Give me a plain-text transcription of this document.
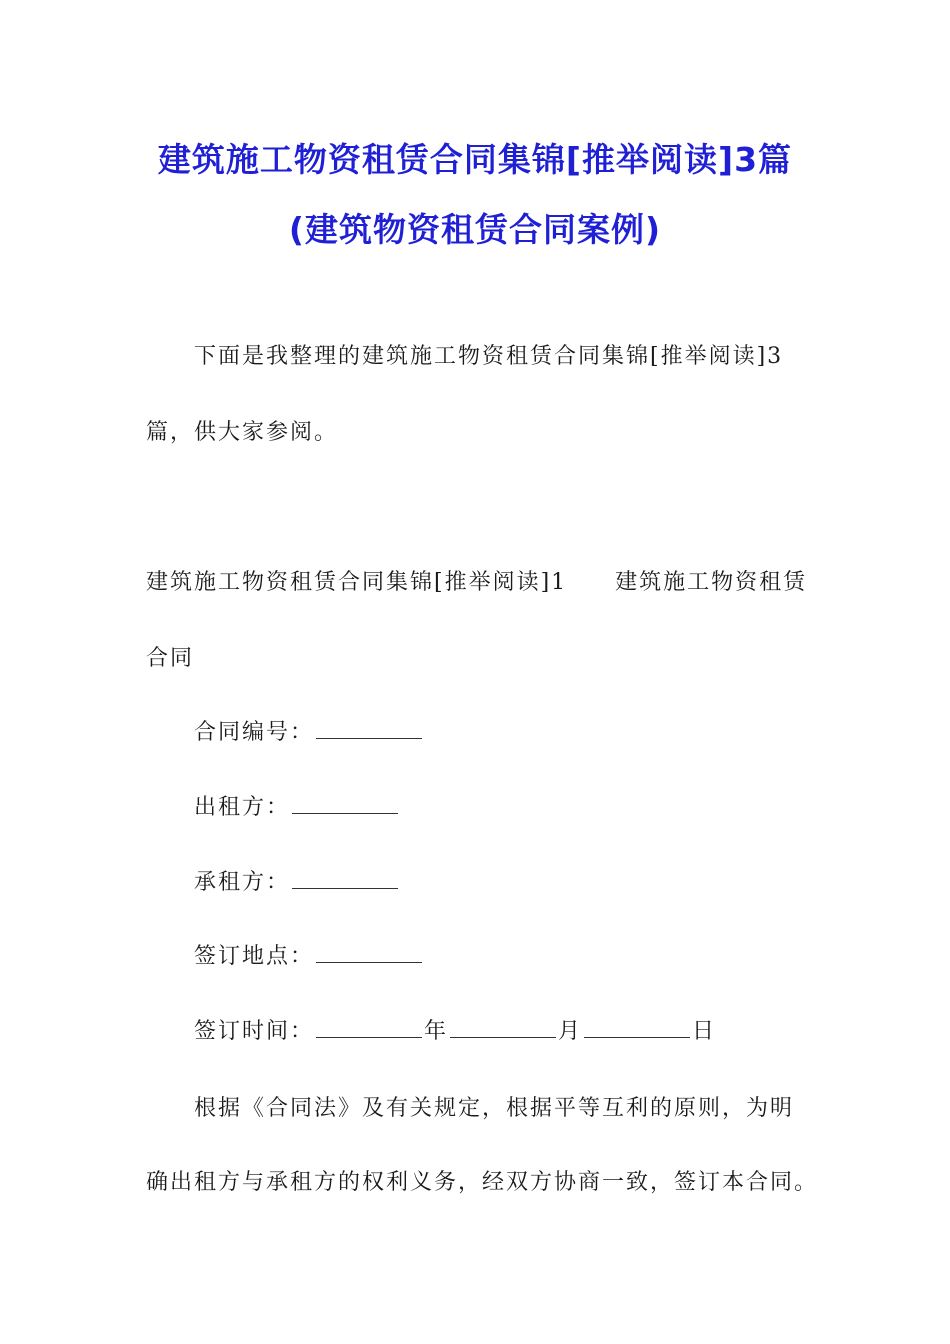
建筑施工物资租赁合同集锦[推举阅读]3篇
(建筑物资租赁合同案例)
下面是我整理的建筑施工物资租赁合同集锦[推举阅读]3
篇，供大家参阅。
建筑施工物资租赁合同集锦[推举阅读]1 建筑施工物资租赁
合同
合同编号：
出租方：
承租方：
签订地点：
签订时间：	年	月	日
根据《合同法》及有关规定，根据平等互利的原则，为明
确出租方与承租方的权利义务，经双方协商一致，签订本合同。
